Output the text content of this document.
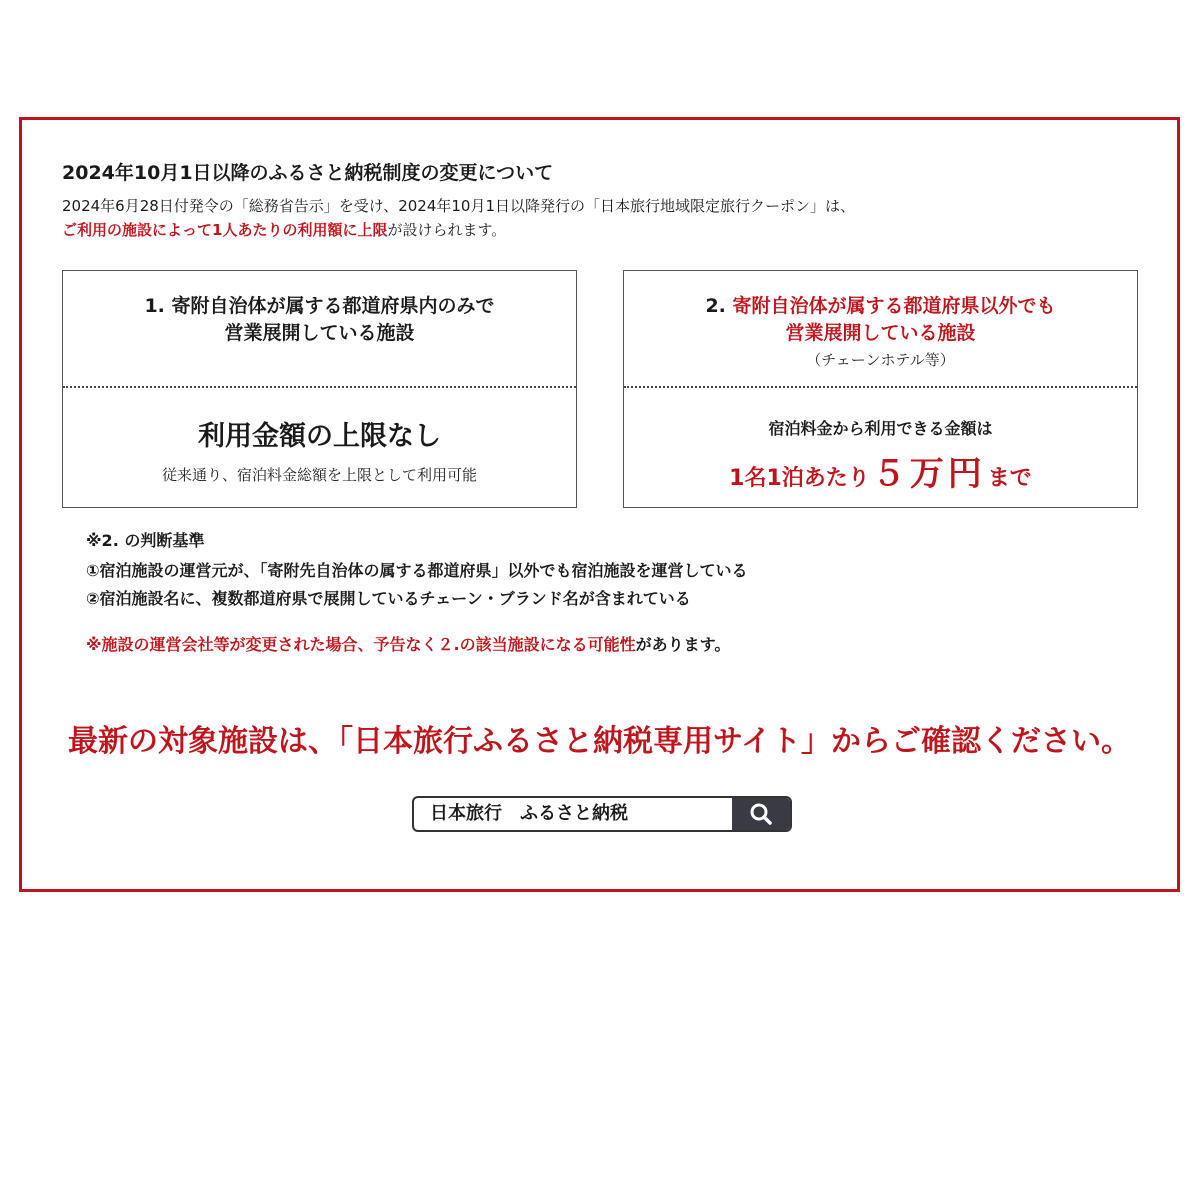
2024年10月1日以降のふるさと納税制度の変更について
2024年6月28日付発令の「総務省告示」を受け、2024年10月1日以降発行の「日本旅行地域限定旅行クーポン」は、
ご利用の施設によって1人あたりの利用額に上限が設けられます。
1. 寄附自治体が属する都道府県内のみで
営業展開している施設
利用金額の上限なし
従来通り、宿泊料金総額を上限として利用可能
2. 寄附自治体が属する都道府県以外でも
営業展開している施設
（チェーンホテル等）
宿泊料金から利用できる金額は
1名1泊あたり５万円まで
※2. の判断基準
①宿泊施設の運営元が、「寄附先自治体の属する都道府県」以外でも宿泊施設を運営している
②宿泊施設名に、複数都道府県で展開しているチェーン・ブランド名が含まれている
※施設の運営会社等が変更された場合、予告なく２.の該当施設になる可能性があります。
最新の対象施設は、「日本旅行ふるさと納税専用サイト」からご確認ください。
日本旅行　ふるさと納税
